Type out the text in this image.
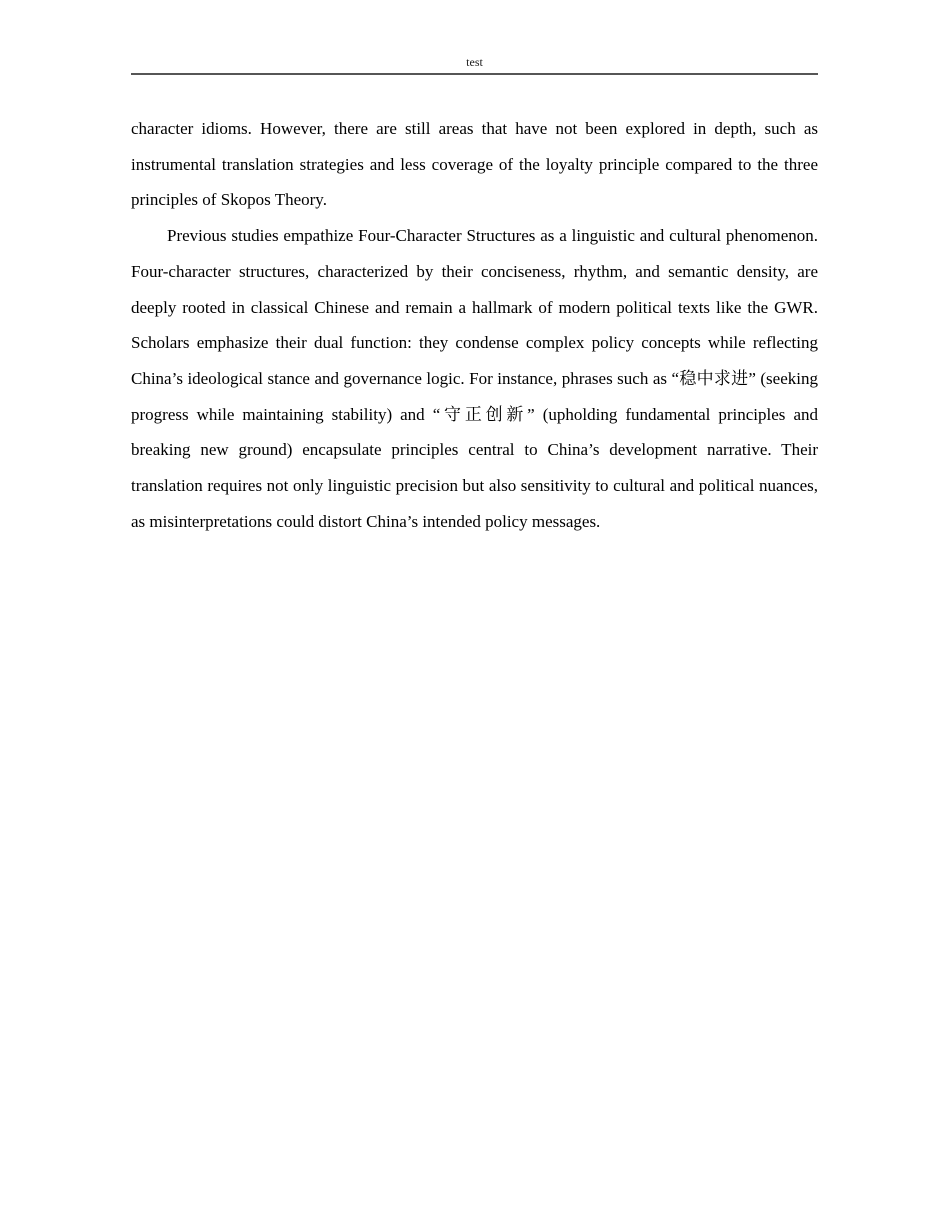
test

character idioms. However, there are still areas that have not been explored in depth, such as instrumental translation strategies and less coverage of the loyalty principle compared to the three principles of Skopos Theory.

Previous studies empathize Four-Character Structures as a linguistic and cultural phenomenon. Four-character structures, characterized by their conciseness, rhythm, and semantic density, are deeply rooted in classical Chinese and remain a hallmark of modern political texts like the GWR. Scholars emphasize their dual function: they condense complex policy concepts while reflecting China’s ideological stance and governance logic. For instance, phrases such as “稳中求进” (seeking progress while maintaining stability) and “守正创新” (upholding fundamental principles and breaking new ground) encapsulate principles central to China’s development narrative. Their translation requires not only linguistic precision but also sensitivity to cultural and political nuances, as misinterpretations could distort China’s intended policy messages.
